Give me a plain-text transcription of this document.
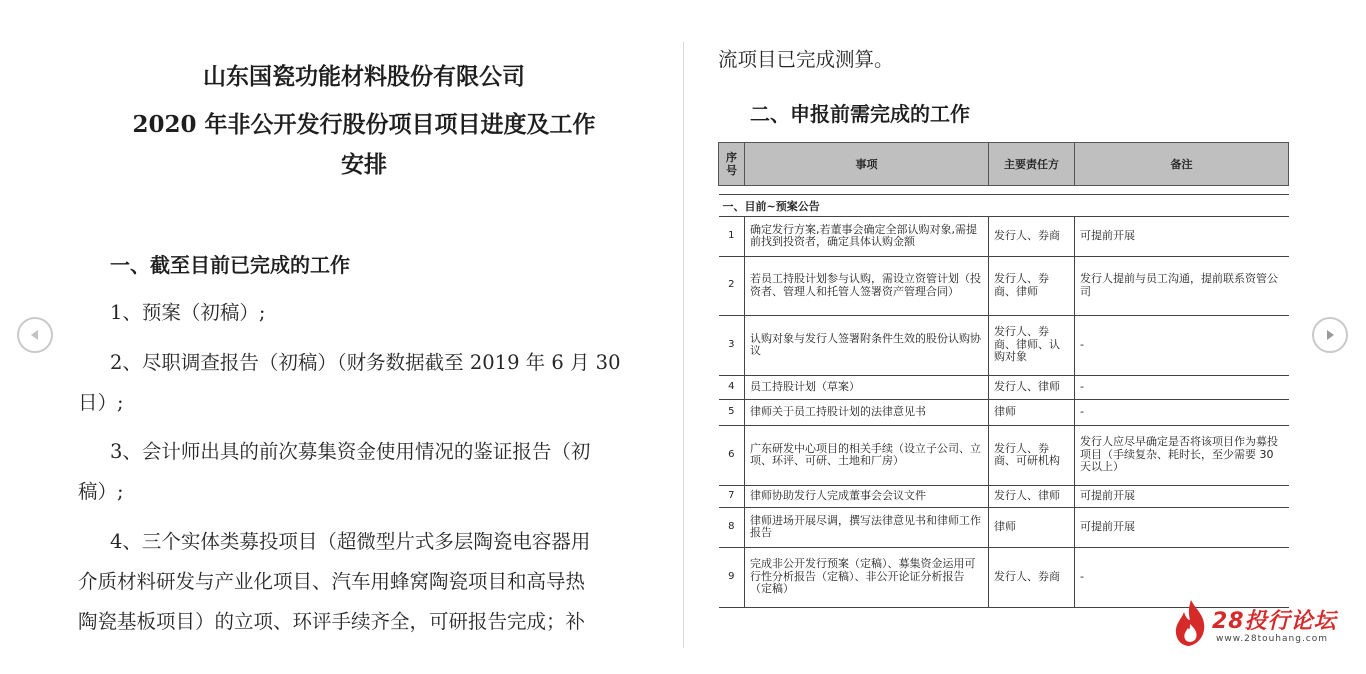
山东国瓷功能材料股份有限公司
2020 年非公开发行股份项目项目进度及工作
安排
一、截至目前已完成的工作
1、预案（初稿）;
2、尽职调查报告（初稿）（财务数据截至 2019 年 6 月 30
日）;
3、会计师出具的前次募集资金使用情况的鉴证报告（初
稿）;
4、三个实体类募投项目（超微型片式多层陶瓷电容器用
介质材料研发与产业化项目、汽车用蜂窝陶瓷项目和高导热
陶瓷基板项目）的立项、环评手续齐全，可研报告完成；补
流项目已完成测算。
二、申报前需完成的工作
序号	事项	主要责任方	备注

一、目前~预案公告			
1	确定发行方案,若董事会确定全部认购对象,需提前找到投资者，确定具体认购金额	发行人、券商	可提前开展
2	若员工持股计划参与认购，需设立资管计划（投资者、管理人和托管人签署资产管理合同）	发行人、券商、律师	发行人提前与员工沟通，提前联系资管公司
3	认购对象与发行人签署附条件生效的股份认购协议	发行人、券商、律师、认购对象	-
4	员工持股计划（草案）	发行人、律师	-
5	律师关于员工持股计划的法律意见书	律师	-
6	广东研发中心项目的相关手续（设立子公司、立项、环评、可研、土地和厂房）	发行人、券商、可研机构	发行人应尽早确定是否将该项目作为募投项目（手续复杂、耗时长，至少需要 30 天以上）
7	律师协助发行人完成董事会会议文件	发行人、律师	可提前开展
8	律师进场开展尽调，撰写法律意见书和律师工作报告	律师	可提前开展
9	完成非公开发行预案（定稿）、募集资金运用可行性分析报告（定稿）、非公开论证分析报告（定稿）	发行人、券商	-
28投行论坛
www.28touhang.com
